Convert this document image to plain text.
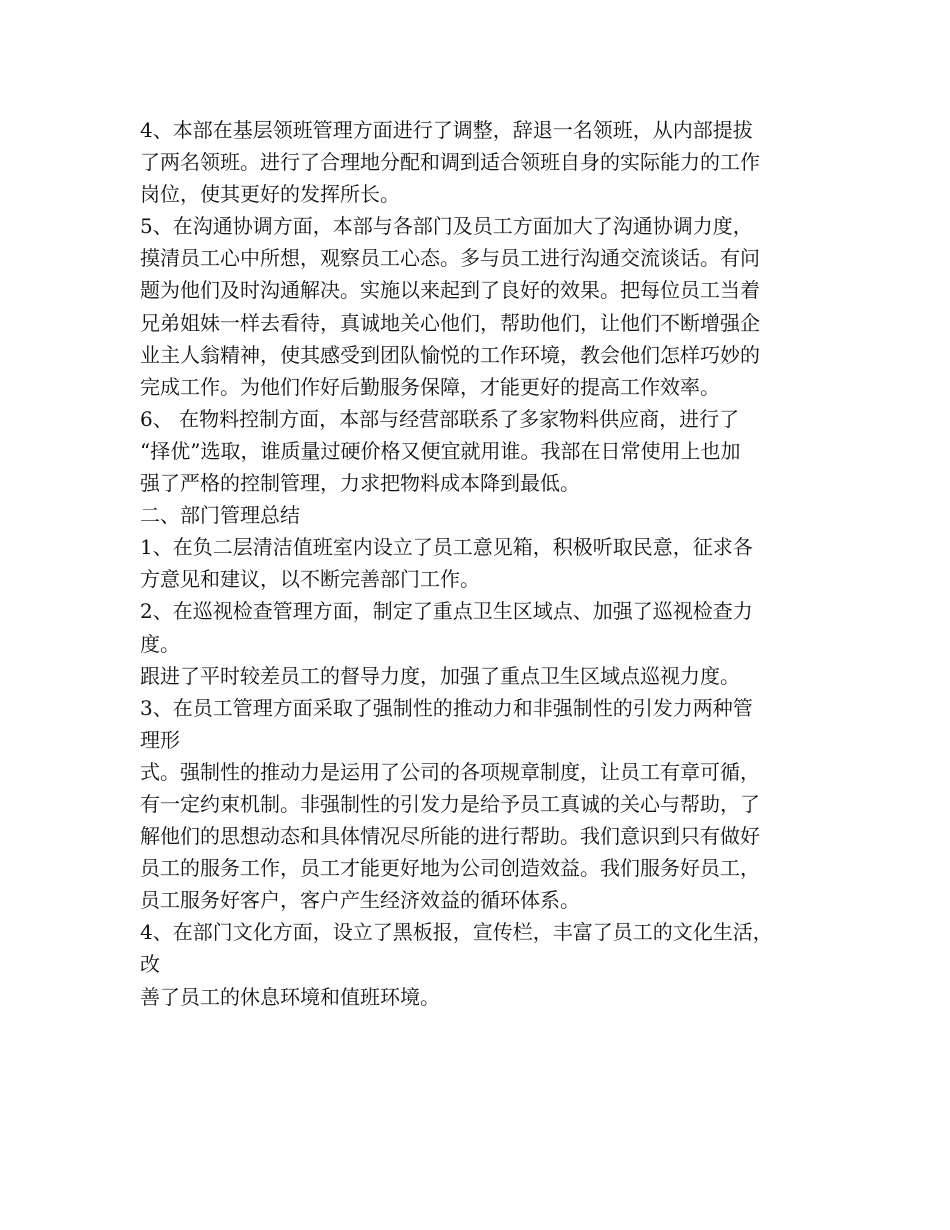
4、本部在基层领班管理方面进行了调整，辞退一名领班，从内部提拔
了两名领班。进行了合理地分配和调到适合领班自身的实际能力的工作
岗位，使其更好的发挥所长。
5、在沟通协调方面，本部与各部门及员工方面加大了沟通协调力度，
摸清员工心中所想，观察员工心态。多与员工进行沟通交流谈话。有问
题为他们及时沟通解决。实施以来起到了良好的效果。把每位员工当着
兄弟姐妹一样去看待，真诚地关心他们，帮助他们，让他们不断增强企
业主人翁精神，使其感受到团队愉悦的工作环境，教会他们怎样巧妙的
完成工作。为他们作好后勤服务保障，才能更好的提高工作效率。
6、 在物料控制方面，本部与经营部联系了多家物料供应商，进行了
“择优”选取，谁质量过硬价格又便宜就用谁。我部在日常使用上也加
强了严格的控制管理，力求把物料成本降到最低。
二、部门管理总结
1、在负二层清洁值班室内设立了员工意见箱，积极听取民意，征求各
方意见和建议，以不断完善部门工作。
2、在巡视检查管理方面，制定了重点卫生区域点、加强了巡视检查力
度。
跟进了平时较差员工的督导力度，加强了重点卫生区域点巡视力度。
3、在员工管理方面采取了强制性的推动力和非强制性的引发力两种管
理形
式。强制性的推动力是运用了公司的各项规章制度，让员工有章可循，
有一定约束机制。非强制性的引发力是给予员工真诚的关心与帮助，了
解他们的思想动态和具体情况尽所能的进行帮助。我们意识到只有做好
员工的服务工作，员工才能更好地为公司创造效益。我们服务好员工，
员工服务好客户，客户产生经济效益的循环体系。
4、在部门文化方面，设立了黑板报，宣传栏，丰富了员工的文化生活，
改
善了员工的休息环境和值班环境。
